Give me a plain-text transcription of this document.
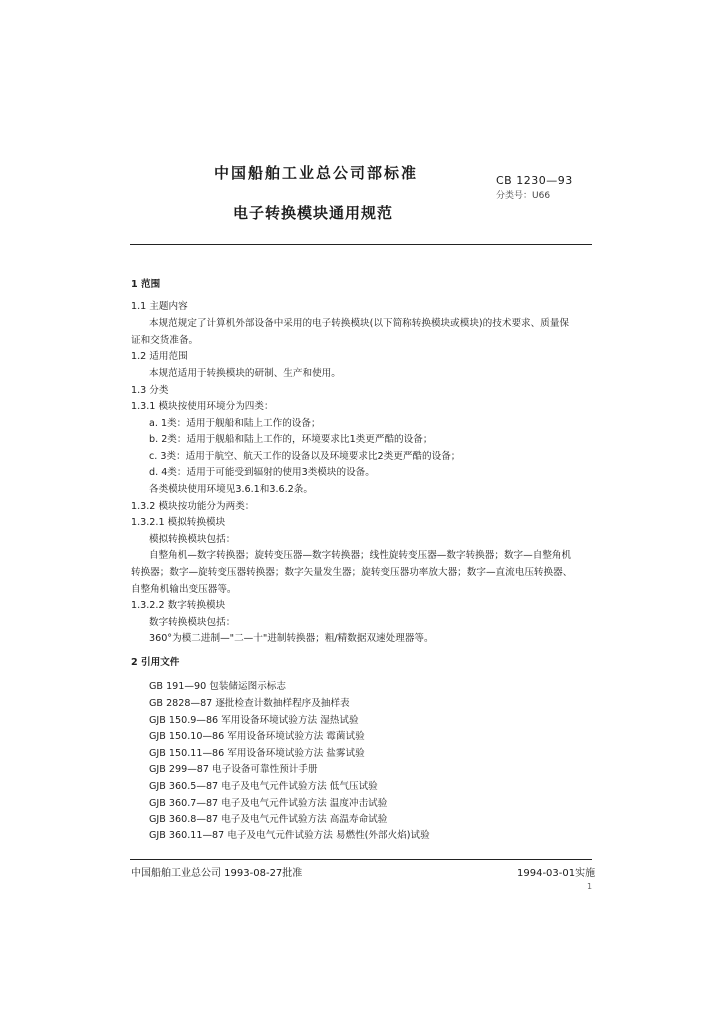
中国船舶工业总公司部标准	CB 1230—93
分类号：U66
电子转换模块通用规范
1 范围
1.1 主题内容
本规范规定了计算机外部设备中采用的电子转换模块(以下简称转换模块或模块)的技术要求、质量保
证和交货准备。
1.2 适用范围
本规范适用于转换模块的研制、生产和使用。
1.3 分类
1.3.1 模块按使用环境分为四类：
a. 1类：适用于舰船和陆上工作的设备；
b. 2类：适用于舰船和陆上工作的，环境要求比1类更严酷的设备；
c. 3类：适用于航空、航天工作的设备以及环境要求比2类更严酷的设备；
d. 4类：适用于可能受到辐射的使用3类模块的设备。
各类模块使用环境见3.6.1和3.6.2条。
1.3.2 模块按功能分为两类：
1.3.2.1 模拟转换模块
模拟转换模块包括：
自整角机—数字转换器；旋转变压器—数字转换器；线性旋转变压器—数字转换器；数字—自整角机
转换器；数字—旋转变压器转换器；数字矢量发生器；旋转变压器功率放大器；数字—直流电压转换器、
自整角机输出变压器等。
1.3.2.2 数字转换模块
数字转换模块包括：
360°为模二进制—"二—十"进制转换器；粗/精数据双速处理器等。
2 引用文件
GB 191—90 包装储运图示标志
GB 2828—87 逐批检查计数抽样程序及抽样表
GJB 150.9—86 军用设备环境试验方法 湿热试验
GJB 150.10—86 军用设备环境试验方法 霉菌试验
GJB 150.11—86 军用设备环境试验方法 盐雾试验
GJB 299—87 电子设备可靠性预计手册
GJB 360.5—87 电子及电气元件试验方法 低气压试验
GJB 360.7—87 电子及电气元件试验方法 温度冲击试验
GJB 360.8—87 电子及电气元件试验方法 高温寿命试验
GJB 360.11—87 电子及电气元件试验方法 易燃性(外部火焰)试验
中国船舶工业总公司 1993-08-27批准	1994-03-01实施
1
